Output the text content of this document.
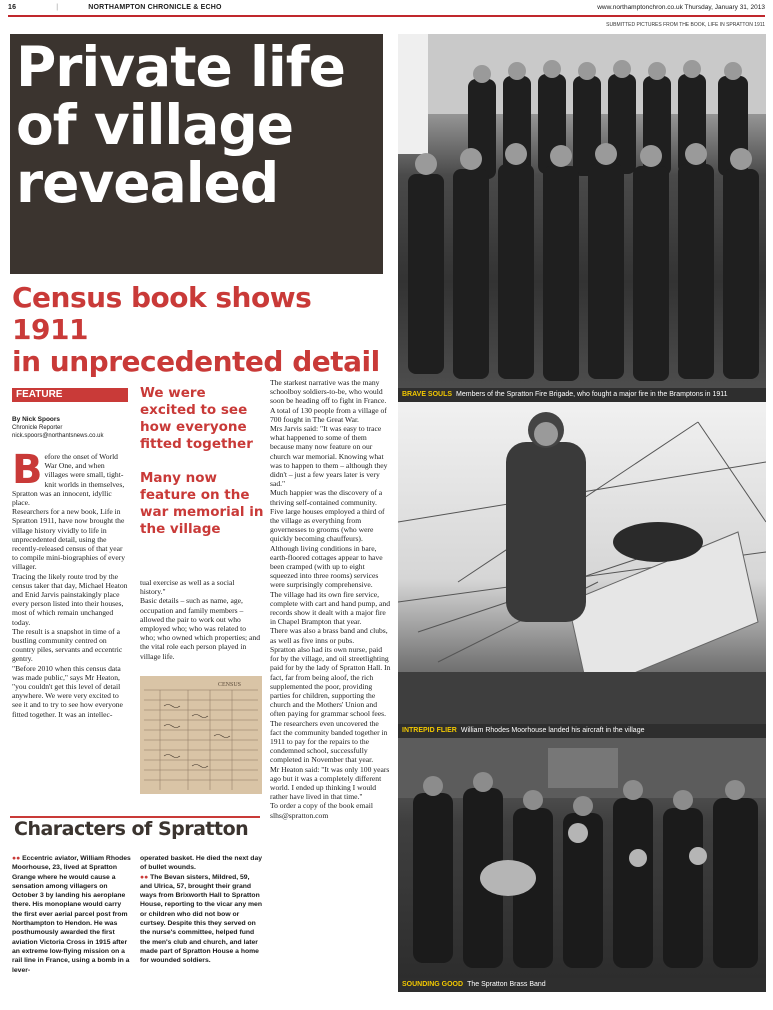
16	|	NORTHAMPTON CHRONICLE & ECHO	www.northamptonchron.co.uk Thursday, January 31, 2013
SUBMITTED PICTURES FROM THE BOOK, LIFE IN SPRATTON 1911
Private life
of village
revealed
Census book shows 1911
in unprecedented detail
FEATURE
By Nick Spoors
Chronicle Reporter
nick.spoors@northantsnews.co.uk
B efore the onset of World War One, and when villages were small, tight-knit worlds in themselves, Spratton was an innocent, idyllic place.

Researchers for a new book, Life in Spratton 1911, have now brought the village history vividly to life in unprecedented detail, using the recently-released census of that year to compile mini-biographies of every villager.

Tracing the likely route trod by the census taker that day, Michael Heaton and Enid Jarvis painstakingly place every person listed into their houses, most of which remain unchanged today.

The result is a snapshot in time of a bustling community centred on country piles, servants and eccentric gentry.

"Before 2010 when this census data was made public," says Mr Heaton, "you couldn't get this level of detail anywhere. We were very excited to see it and to try to see how everyone fitted together. It was an intellec-

We were excited to see how everyone fitted together
Many now feature on the war memorial in the village

tual exercise as well as a social history."

Basic details – such as name, age, occupation and family members – allowed the pair to work out who employed who; who was related to who; who owned which properties; and the vital role each person played in village life.

CENSUS

The starkest narrative was the many schoolboy soldiers-to-be, who would soon be heading off to fight in France.

A total of 130 people from a village of 700 fought in The Great War.

Mrs Jarvis said: "It was easy to trace what happened to some of them because many now feature on our church war memorial. Knowing what was to happen to them – although they didn't – just a few years later is very sad."

Much happier was the discovery of a thriving self-contained community.

Five large houses employed a third of the village as everything from governesses to grooms (who were quickly becoming chauffeurs).

Although living conditions in bare, earth-floored cottages appear to have been cramped (with up to eight squeezed into three rooms) services were surprisingly comprehensive.

The village had its own fire service, complete with cart and hand pump, and records show it dealt with a major fire in Chapel Brampton that year.

There was also a brass band and clubs, as well as five inns or pubs.

Spratton also had its own nurse, paid for by the village, and oil streetlighting paid for by the lady of Spratton Hall. In fact, far from being aloof, the rich supplemented the poor, providing parties for children, supporting the church and the Mothers' Union and often paying for grammar school fees.

The researchers even uncovered the fact the community banded together in 1911 to pay for the repairs to the condemned school, successfully completed in November that year.

Mr Heaton said: "It was only 100 years ago but it was a completely different world. I ended up thinking I would rather have lived in that time."

To order a copy of the book email slhs@spratton.com

BRAVE SOULS Members of the Spratton Fire Brigade, who fought a major fire in the Bramptons in 1911
INTREPID FLIER William Rhodes Moorhouse landed his aircraft in the village
SOUNDING GOOD The Spratton Brass Band
Characters of Spratton
●● Eccentric aviator, William Rhodes Moorhouse, 23, lived at Spratton Grange where he would cause a sensation among villagers on October 3 by landing his aeroplane there. His monoplane would carry the first ever aerial parcel post from Northampton to Hendon. He was posthumously awarded the first aviation Victoria Cross in 1915 after an extreme low-flying mission on a rail line in France, using a bomb in a lever-
operated basket. He died the next day of bullet wounds.
●● The Bevan sisters, Mildred, 59, and Ulrica, 57, brought their grand ways from Brixworth Hall to Spratton House, reporting to the vicar any men or children who did not bow or curtsey. Despite this they served on the nurse's committee, helped fund the men's club and church, and later made part of Spratton House a home for wounded soldiers.
